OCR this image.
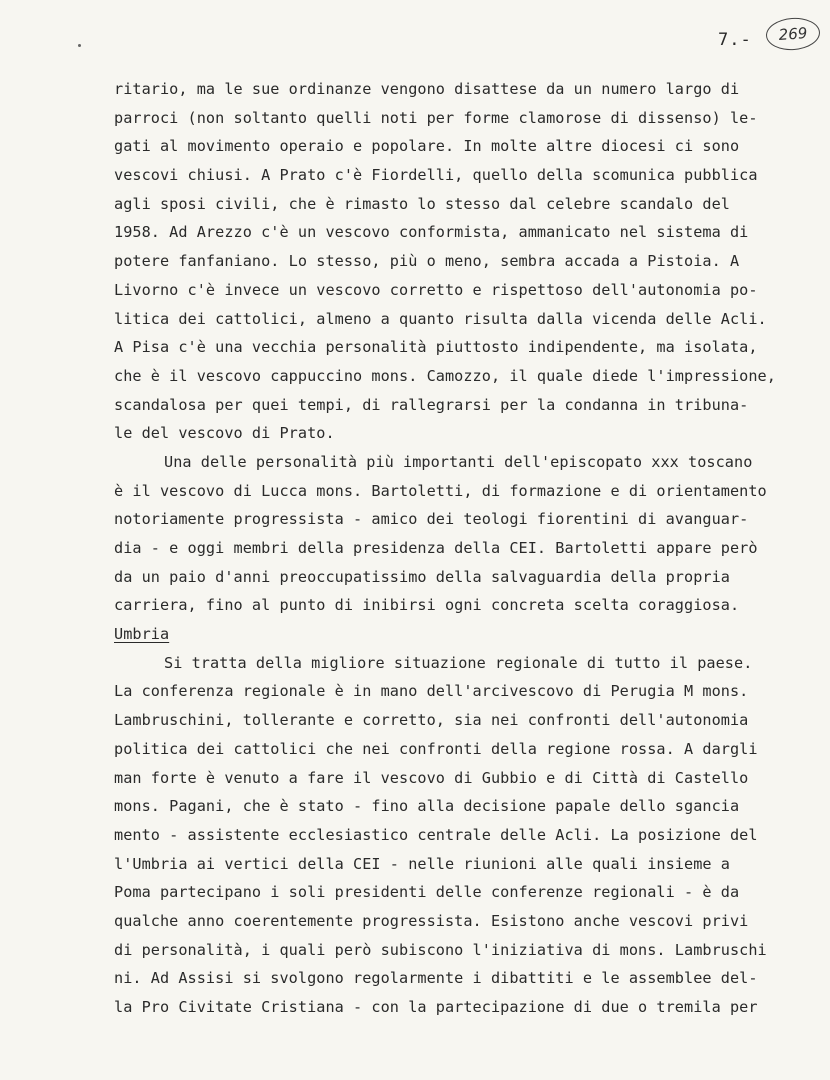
7.-	269
ritario, ma le sue ordinanze vengono disattese da un numero largo di
parroci (non soltanto quelli noti per forme clamorose di dissenso) le-
gati al movimento operaio e popolare. In molte altre diocesi ci sono
vescovi chiusi. A Prato c'è Fiordelli, quello della scomunica pubblica
agli sposi civili, che è rimasto lo stesso dal celebre scandalo del
1958. Ad Arezzo c'è un vescovo conformista, ammanicato nel sistema di
potere fanfaniano. Lo stesso, più o meno, sembra accada a Pistoia. A
Livorno c'è invece un vescovo corretto e rispettoso dell'autonomia po-
litica dei cattolici, almeno a quanto risulta dalla vicenda delle Acli.
A Pisa c'è una vecchia personalità piuttosto indipendente, ma isolata,
che è il vescovo cappuccino mons. Camozzo, il quale diede l'impressione,
scandalosa per quei tempi, di rallegrarsi per la condanna in tribuna-
le del vescovo di Prato.
Una delle personalità più importanti dell'episcopato xxx toscano
è il vescovo di Lucca mons. Bartoletti, di formazione e di orientamento
notoriamente progressista - amico dei teologi fiorentini di avanguar-
dia - e oggi membri della presidenza della CEI. Bartoletti appare però
da un paio d'anni preoccupatissimo della salvaguardia della propria
carriera, fino al punto di inibirsi ogni concreta scelta coraggiosa.
Umbria
Si tratta della migliore situazione regionale di tutto il paese.
La conferenza regionale è in mano dell'arcivescovo di Perugia M mons.
Lambruschini, tollerante e corretto, sia nei confronti dell'autonomia
politica dei cattolici che nei confronti della regione rossa. A dargli
man forte è venuto a fare il vescovo di Gubbio e di Città di Castello
mons. Pagani, che è stato - fino alla decisione papale dello sgancia
mento - assistente ecclesiastico centrale delle Acli. La posizione del
l'Umbria ai vertici della CEI - nelle riunioni alle quali insieme a
Poma partecipano i soli presidenti delle conferenze regionali - è da
qualche anno coerentemente progressista. Esistono anche vescovi privi
di personalità, i quali però subiscono l'iniziativa di mons. Lambruschi
ni. Ad Assisi si svolgono regolarmente i dibattiti e le assemblee del-
la Pro Civitate Cristiana - con la partecipazione di due o tremila per
